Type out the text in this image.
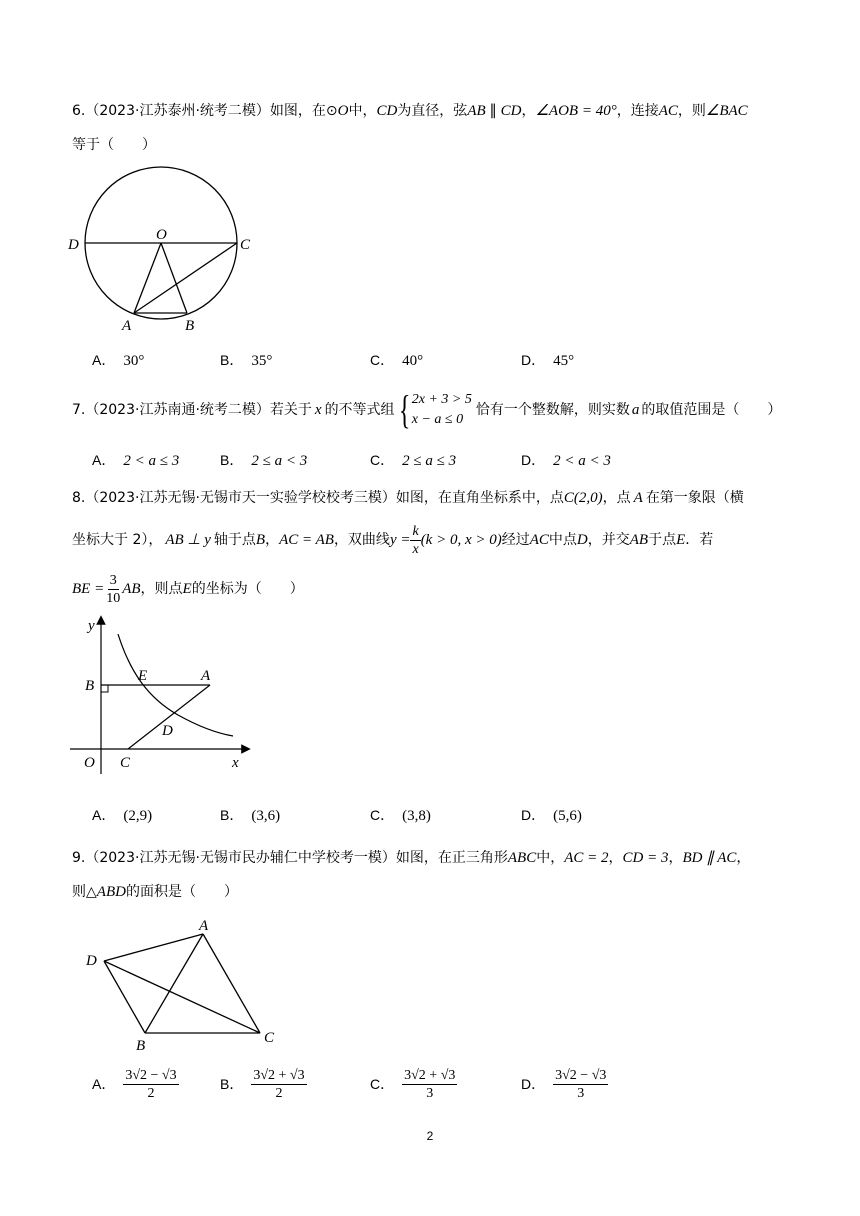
6.（2023·江苏泰州·统考二模）如图，在⊙O中，CD为直径，弦AB ∥ CD，∠AOB = 40°，连接AC，则∠BAC
等于（　　）
D
O
C
A	B
A． 30°	B． 35°	C． 40°	D． 45°
7.（2023·江苏南通·统考二模）若关于 x 的不等式组{ 2x + 3 > 5
x − a ≤ 0
恰有一个整数解，则实数 a 的取值范围是（　　）
A． 2 < a ≤ 3	B． 2 ≤ a < 3	C． 2 ≤ a ≤ 3	D． 2 < a < 3
8.（2023·江苏无锡·无锡市天一实验学校校考三模）如图，在直角坐标系中，点C(2,0)，点 A 在第一象限（横
坐标大于 2）， AB ⊥ y 轴于点B，AC = AB，双曲线$y = \frac{k}{x} (k > 0$, x > 0)经过AC中点D，并交AB于点E．若
BE = $\frac{3}{10}$ AB，则点E的坐标为（　　）
y
B
E	A
D
O C	x
A． (2,9)	B． (3,6)	C． (3,8)	D． (5,6)
9.（2023·江苏无锡·无锡市民办辅仁中学校考一模）如图，在正三角形ABC中，AC = 2，CD = 3，BD ∥ AC，
则△ABD的面积是（　　）
A
D
B	C
A． $\frac{3√2 - √3}{2}$	B． $\frac{3√2 + √3}{2}$	C． $\frac{3√2 + √3}{3}$	D． $\frac{3√2 - √3}{3}$
2
